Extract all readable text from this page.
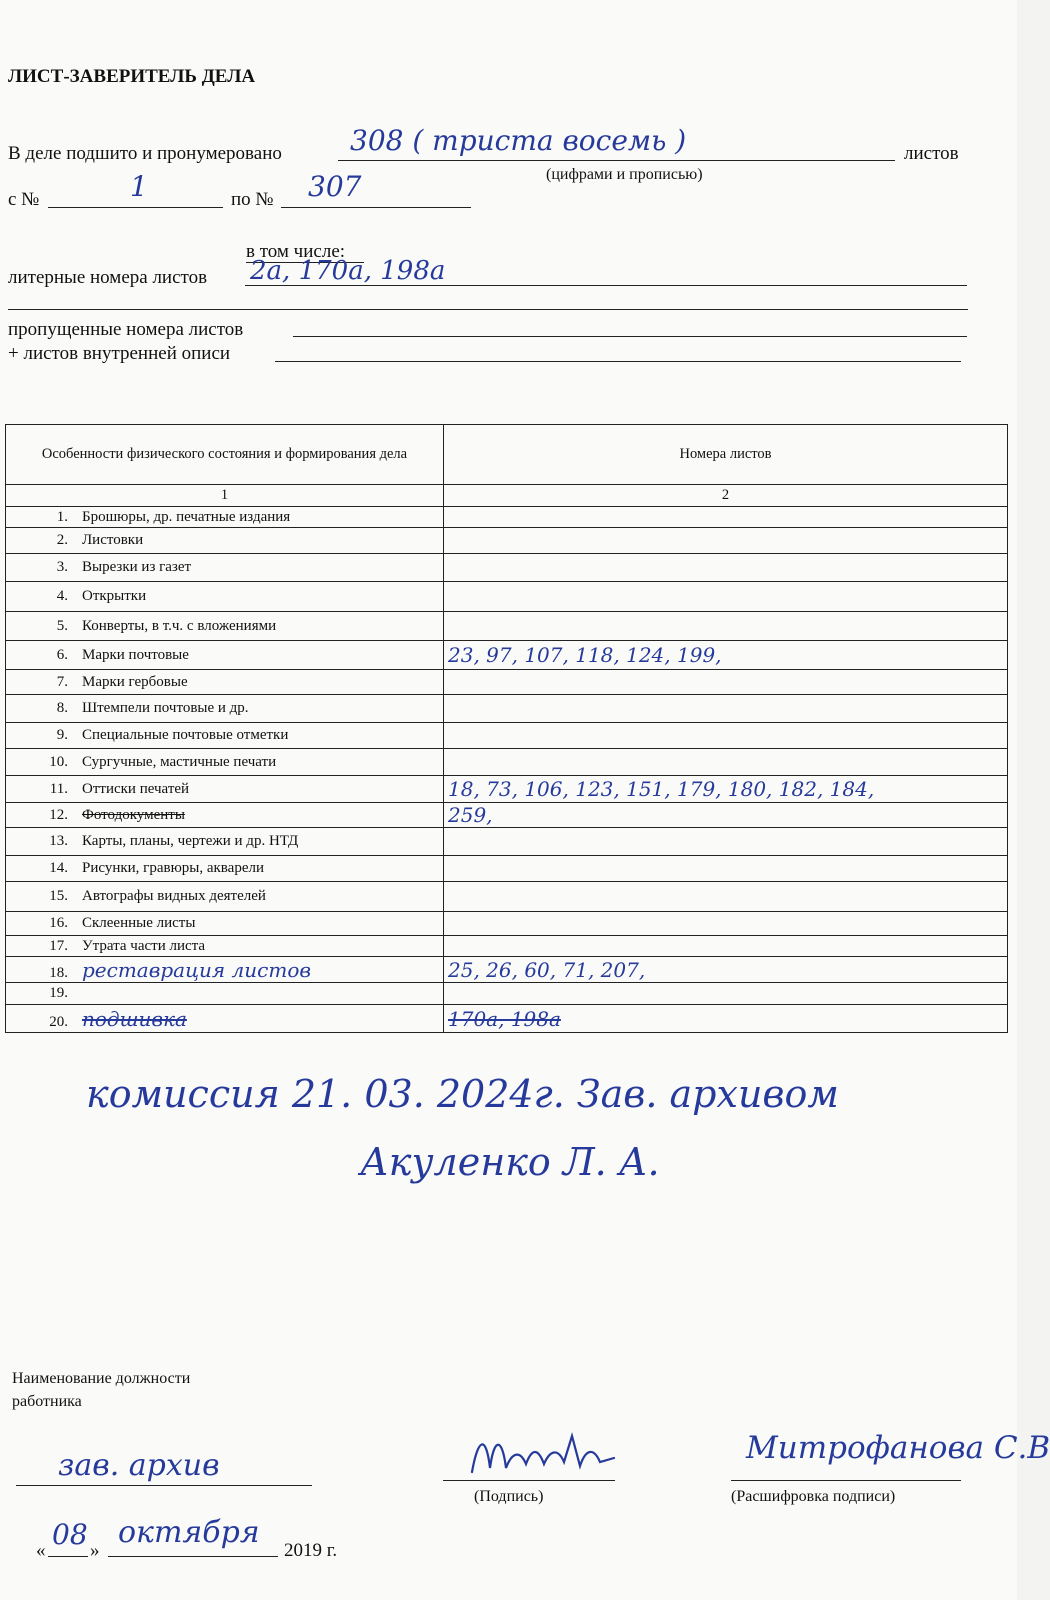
ЛИСТ-ЗАВЕРИТЕЛЬ ДЕЛА
В деле подшито и пронумеровано 308 ( триста восемь )	листов
(цифрами и прописью)
с №	1	по № 307
в том числе:
литерные номера листов 2а, 170а, 198а
пропущенные номера листов
+ листов внутренней описи
Особенности физического состояния и формирования дела	Номера листов
1	2
1. Брошюры, др. печатные издания	
2. Листовки	
3. Вырезки из газет	
4. Открытки	
5. Конверты, в т.ч. с вложениями	
6. Марки почтовые	23, 97, 107, 118, 124, 199,
7. Марки гербовые	
8. Штемпели почтовые и др.	
9. Специальные почтовые отметки	
10. Сургучные, мастичные печати	
11. Оттиски печатей	18, 73, 106, 123, 151, 179, 180, 182, 184,
12. Фотодокументы	259,
13. Карты, планы, чертежи и др. НТД	
14. Рисунки, гравюры, акварели	
15. Автографы видных деятелей	
16. Склеенные листы	
17. Утрата части листа	
18. реставрация листов	25, 26, 60, 71, 207,
19.	
20. подшивка	170а, 198а
комиссия 21. 03. 2024г. Зав. архивом
Акуленко Л. А.
Наименование должности работника
зав. архив
(Подпись)
Митрофанова С.В
(Расшифровка подписи)
« 08 »
октября
2019 г.
